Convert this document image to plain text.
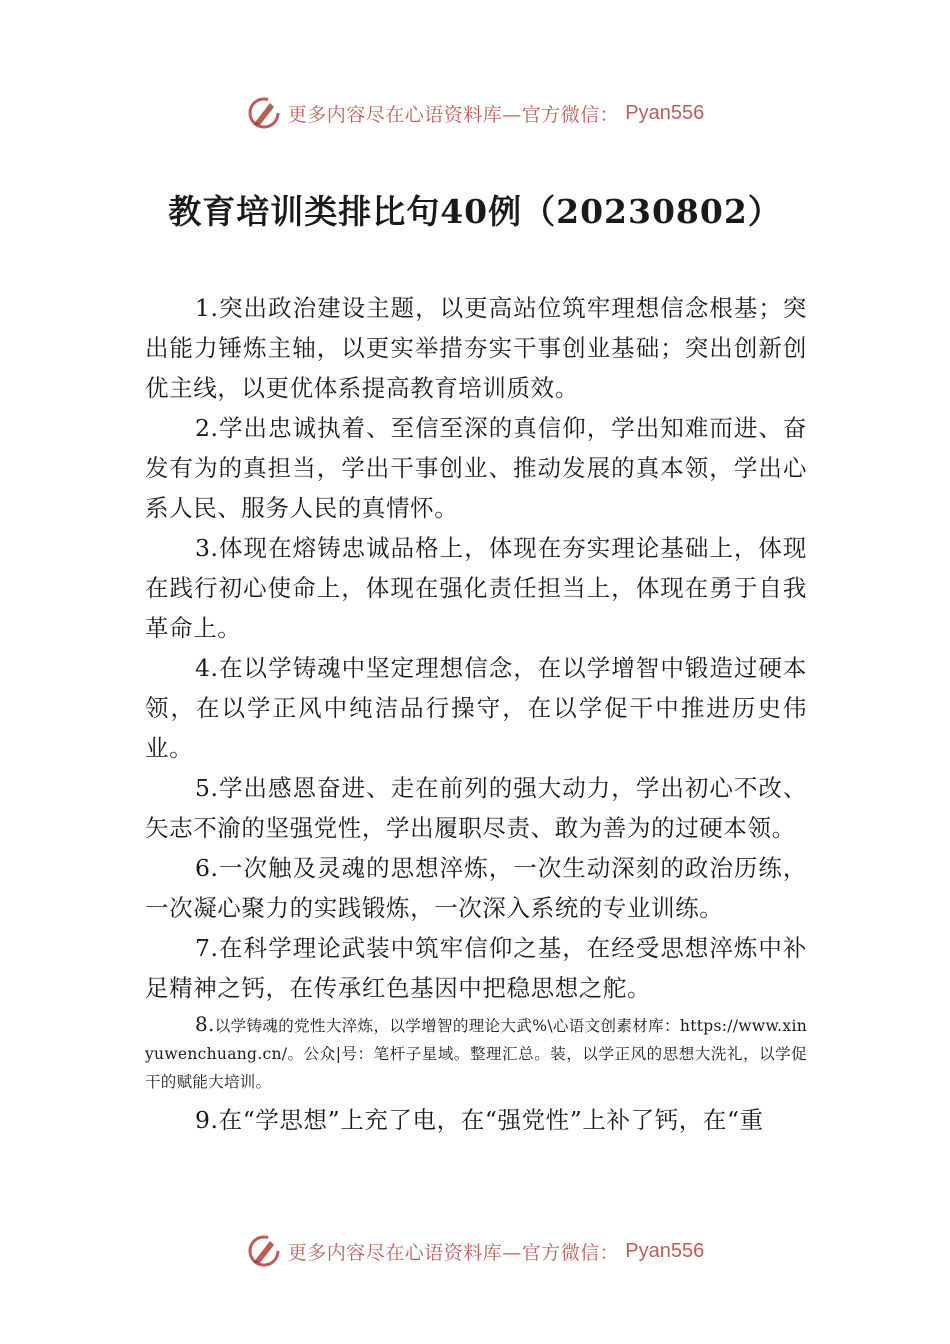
更多内容尽在心语资料库—官方微信： Pyan556
教育培训类排比句40例（20230802）

1.突出政治建设主题，以更高站位筑牢理想信念根基；突出能力锤炼主轴，以更实举措夯实干事创业基础；突出创新创优主线，以更优体系提高教育培训质效。

2.学出忠诚执着、至信至深的真信仰，学出知难而进、奋发有为的真担当，学出干事创业、推动发展的真本领，学出心系人民、服务人民的真情怀。

3.体现在熔铸忠诚品格上，体现在夯实理论基础上，体现在践行初心使命上，体现在强化责任担当上，体现在勇于自我革命上。

4.在以学铸魂中坚定理想信念，在以学增智中锻造过硬本领，在以学正风中纯洁品行操守，在以学促干中推进历史伟业。

5.学出感恩奋进、走在前列的强大动力，学出初心不改、矢志不渝的坚强党性，学出履职尽责、敢为善为的过硬本领。

6.一次触及灵魂的思想淬炼，一次生动深刻的政治历练，一次凝心聚力的实践锻炼，一次深入系统的专业训练。

7.在科学理论武装中筑牢信仰之基，在经受思想淬炼中补足精神之钙，在传承红色基因中把稳思想之舵。

8.以学铸魂的党性大淬炼，以学增智的理论大武%\心语文创素材库：https://www.xinyuwenchuang.cn/。公众|号：笔杆子星域。整理汇总。装，以学正风的思想大洗礼，以学促干的赋能大培训。

9.在“学思想”上充了电，在“强党性”上补了钙，在“重

更多内容尽在心语资料库—官方微信： Pyan556
